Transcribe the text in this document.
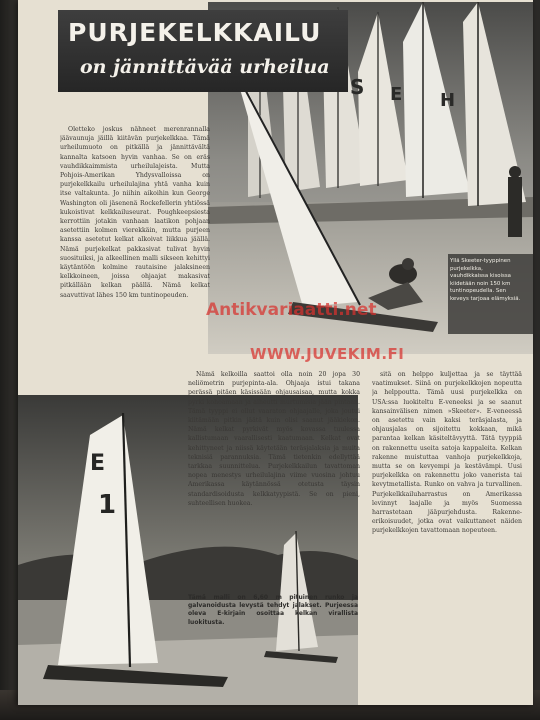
S E H
Yllä Skeeter-tyyppinen purjekelkka, vauhdikkaissa kisoissa kiidetään noin 150 km tuntinopeudella. Sen keveys tarjoaa elämyksiä.
PURJEKELKKAILU
on jännittävää urheilua

Oletteko joskus nähneet merenrannalla jäävaunuja jäillä kiitävän purjekelkkaa. Tämä urheilumuoto on pitkällä ja jännittävältä kannalta katsoen hyvin vanhaa. Se on eräs vauhdikkaimmista urheilulajeista. Mutta Pohjois-Amerikan Yhdysvalloissa on purjekelkkailu urheilulajina yhtä vanha kuin itse valtakunta. Jo niihin aikoihin kun George Washington oli jäsenenä Rockefellerin yhtiössä kukoistivat kelkkailuseurat. Poughkeepsiesta kerrottiin jotakin vanhaan laatikon pohjaan asetettiin kolmen vierekkäin, mutta purjeen kanssa asetetut kelkat alkoivat liikkua jäällä. Nämä purjekelkat pakkasivat tulivat hyvin suosituiksi, ja alkeellinen malli sikseen kehittyi käytäntöön kolmine rautaisine jalaksineen kelkkoineen, joissa ohjaajat makasivat pitkällään kelkan päällä. Nämä kelkat saavuttivat lähes 150 km tuntinopeuden.

E
1

Nämä kelkoilla saattoi olla noin 20 jopa 30 neliömetrin purjepinta-ala. Ohjaaja istui takana perässä pitäen käsissään ohjausaisaa, mutta kokka pyrki kohoamaan ja aiheutti murtumisia jään pintaan. Tämä tyyppi ei ollut vaaraton ohjaajalle, joka joutui kiitämään pitkin jäätä kuin olisi saanut jääkiekon. Nämä kelkat pyrkivät myös kovassa tuulessa kallistumaan vaarallisesti kaatumaan. Kelkat ovat kehittyneet ja niissä käytetään teräsjalaksia ja muita teknisiä parannuksia. Tämä tietenkin edellyttää tarkkaa suunnittelua. Purjekelkkailun tavattoman nopea menestys urheilulajina viime vuosina johtuu Amerikassa käytännössä otetusta täysin standardisoidusta kelkkatyypistä. Se on pieni, suhteellisen huokea.

Tämä malli on 6,60 m pituinen runko ja galvanoidusta levystä tehdyt jalakset. Purjeessa oleva E-kirjain osoittaa kelkan virallista luokitusta.

sitä on helppo kuljettaa ja se täyttää vaatimukset. Siinä on purjekelkkojen nopeutta ja helppoutta. Tämä uusi purjekelkka on USA:ssa luokiteltu E-veneeksi ja se saanut kansainvälisen nimen »Skeeter». E-veneessä on asetettu vain kaksi teräsjalasta, ja ohjausjalas on sijoitettu kokkaan, mikä parantaa kelkan käsiteltävyyttä. Tätä tyyppiä on rakennettu useita satoja kappaleita. Kelkan rakenne muistuttaa vanhoja purjekelkkoja, mutta se on kevyempi ja kestävämpi. Uusi purjekelkka on rakennettu joko vanerista tai kevytmetallista. Runko on vahva ja turvallinen. Purjekelkkailuharrastus on Amerikassa levinnyt laajalle ja myös Suomessa harrastetaan jääpurjehdusta. Rakenne-erikoisuudet, jotka ovat vaikuttaneet näiden purjekelkkojen tavattomaan nopeuteen.

Antikvariaatti.net
WWW.JUVEKIM.FI
